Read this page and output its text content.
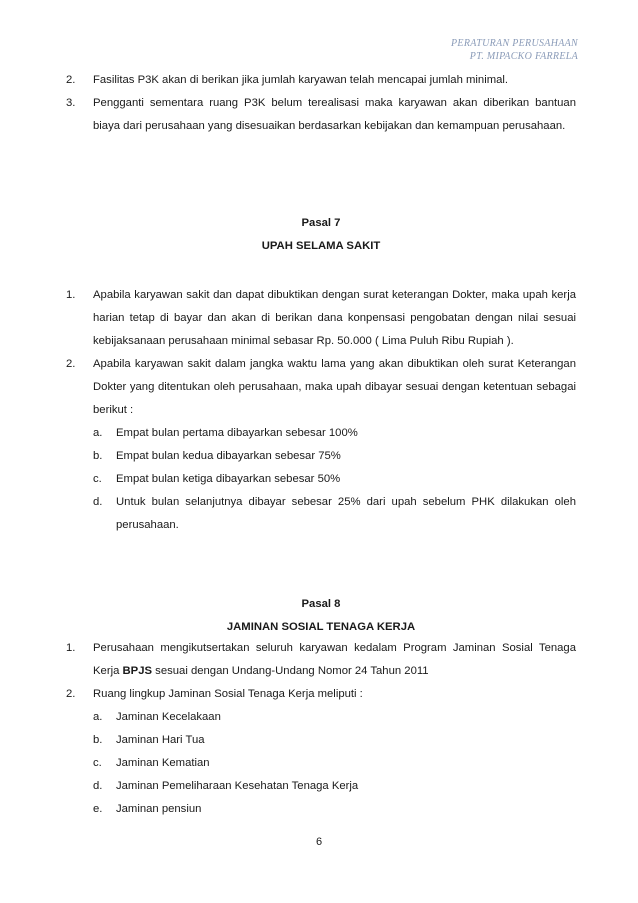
PERATURAN PERUSAHAAN
PT. MIPACKO FARRELA
2. Fasilitas P3K akan di berikan jika jumlah karyawan telah mencapai jumlah minimal.
3. Pengganti sementara ruang P3K belum terealisasi maka karyawan akan diberikan bantuan biaya dari perusahaan yang disesuaikan berdasarkan kebijakan dan kemampuan perusahaan.
Pasal 7
UPAH SELAMA SAKIT
1. Apabila karyawan sakit dan dapat dibuktikan dengan surat keterangan Dokter, maka upah kerja harian tetap di bayar dan akan di berikan dana konpensasi pengobatan dengan nilai sesuai kebijaksanaan perusahaan minimal sebasar Rp. 50.000 ( Lima Puluh Ribu Rupiah ).
2. Apabila karyawan sakit dalam jangka waktu lama yang akan dibuktikan oleh surat Keterangan Dokter yang ditentukan oleh perusahaan, maka upah dibayar sesuai dengan ketentuan sebagai berikut :
a. Empat bulan pertama dibayarkan sebesar 100%
b. Empat bulan kedua dibayarkan sebesar 75%
c. Empat bulan ketiga dibayarkan sebesar 50%
d. Untuk bulan selanjutnya dibayar sebesar 25% dari upah sebelum PHK dilakukan oleh perusahaan.
Pasal 8
JAMINAN SOSIAL TENAGA KERJA
1. Perusahaan mengikutsertakan seluruh karyawan kedalam Program Jaminan Sosial Tenaga Kerja BPJS sesuai dengan Undang-Undang Nomor 24 Tahun 2011
2. Ruang lingkup Jaminan Sosial Tenaga Kerja meliputi :
a. Jaminan Kecelakaan
b. Jaminan Hari Tua
c. Jaminan Kematian
d. Jaminan Pemeliharaan Kesehatan Tenaga Kerja
e. Jaminan pensiun
6
